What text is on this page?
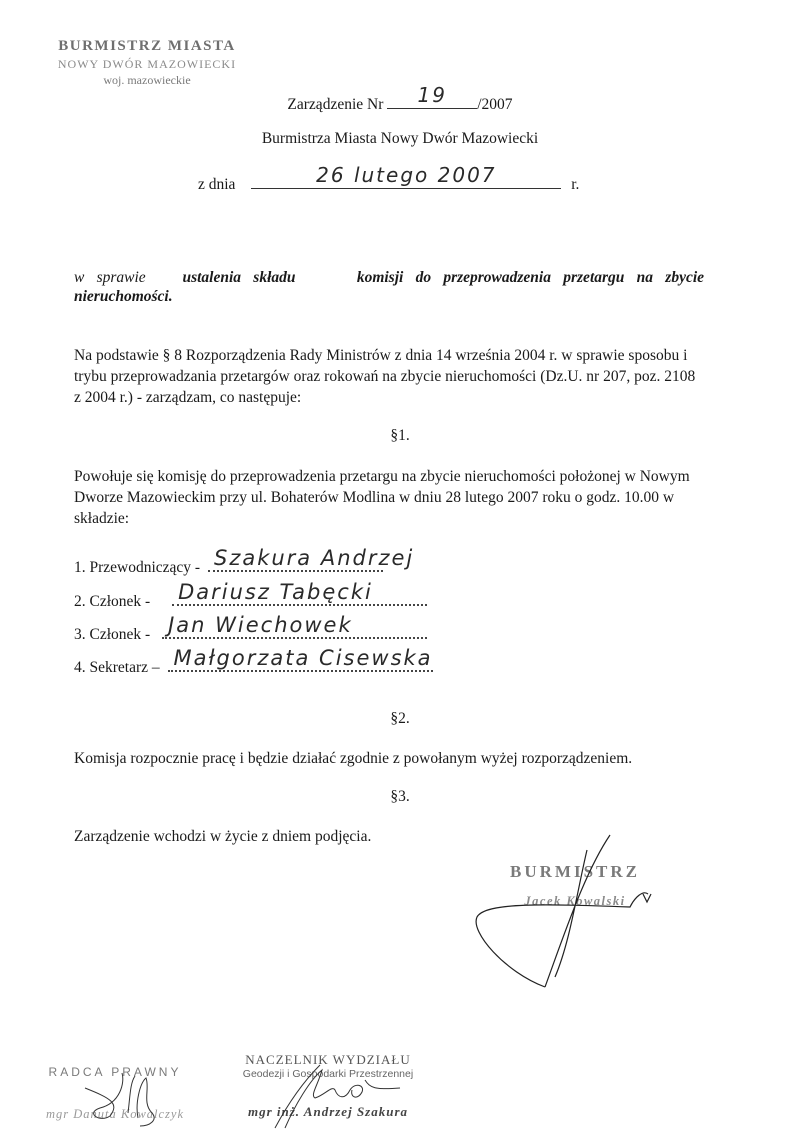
BURMISTRZ MIASTA
NOWY DWÓR MAZOWIECKI
woj. mazowieckie
Zarządzenie Nr	19	/2007
Burmistrza Miasta Nowy Dwór Mazowiecki
z dnia	26 lutego 2007	r.
w sprawie ustalenia składu	komisji do przeprowadzenia przetargu na zbycie
nieruchomości.
Na podstawie § 8 Rozporządzenia Rady Ministrów z dnia 14 września 2004 r. w sprawie sposobu i trybu przeprowadzania przetargów oraz rokowań na zbycie nieruchomości (Dz.U. nr 207, poz. 2108 z 2004 r.) - zarządzam, co następuje:
§1.
Powołuje się komisję do przeprowadzenia przetargu na zbycie nieruchomości położonej w Nowym Dworze Mazowieckim przy ul. Bohaterów Modlina w dniu 28 lutego 2007 roku o godz. 10.00 w składzie:
1. Przewodniczący - Szakura Andrzej
2. Członek - Dariusz Tabęcki
3. Członek - Jan Wiechowek
4. Sekretarz – Małgorzata Cisewska
§2.
Komisja rozpocznie pracę i będzie działać zgodnie z powołanym wyżej rozporządzeniem.
§3.
Zarządzenie wchodzi w życie z dniem podjęcia.
BURMISTRZ
Jacek Kowalski
RADCA PRAWNY
mgr Danuta Kowalczyk
NACZELNIK WYDZIAŁU
Geodezji i Gospodarki Przestrzennej
mgr inż. Andrzej Szakura
